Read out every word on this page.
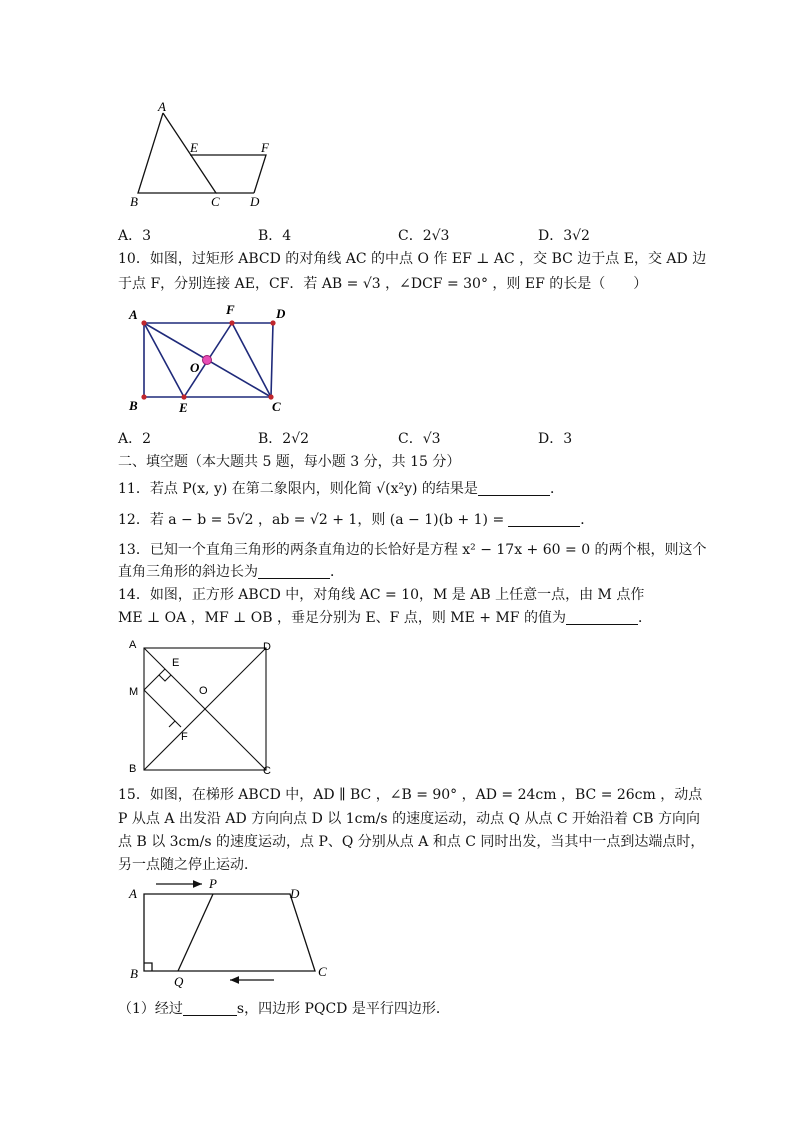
A
E	F
B	C D
A．3	B．4	C．2√3	D．3√2
10．如图，过矩形 ABCD 的对角线 AC 的中点 O 作 EF ⊥ AC ，交 BC 边于点 E，交 AD 边
于点 F，分别连接 AE，CF．若 AB = √3 ，∠DCF = 30° ，则 EF 的长是（　　）
A	F	D
O
B	E	C
A．2	B．2√2	C．√3	D．3
二、填空题（本大题共 5 题，每小题 3 分，共 15 分）
11．若点 P(x, y) 在第二象限内，则化简 √(x²y) 的结果是	．
12．若 a − b = 5√2 ，ab = √2 + 1，则 (a − 1)(b + 1) =	．
13．已知一个直角三角形的两条直角边的长恰好是方程 x² − 17x + 60 = 0 的两个根，则这个
直角三角形的斜边长为	．
14．如图，正方形 ABCD 中，对角线 AC = 10，M 是 AB 上任意一点，由 M 点作
ME ⊥ OA ，MF ⊥ OB ，垂足分别为 E、F 点，则 ME + MF 的值为	．
A	D
E
M	O
F
B	C
15．如图，在梯形 ABCD 中，AD ∥ BC ，∠B = 90° ，AD = 24cm ，BC = 26cm ，动点
P 从点 A 出发沿 AD 方向向点 D 以 1cm/s 的速度运动，动点 Q 从点 C 开始沿着 CB 方向向
点 B 以 3cm/s 的速度运动，点 P、Q 分别从点 A 和点 C 同时出发，当其中一点到达端点时，
另一点随之停止运动．
A
P
D
B
Q
C
（1）经过	s，四边形 PQCD 是平行四边形．
